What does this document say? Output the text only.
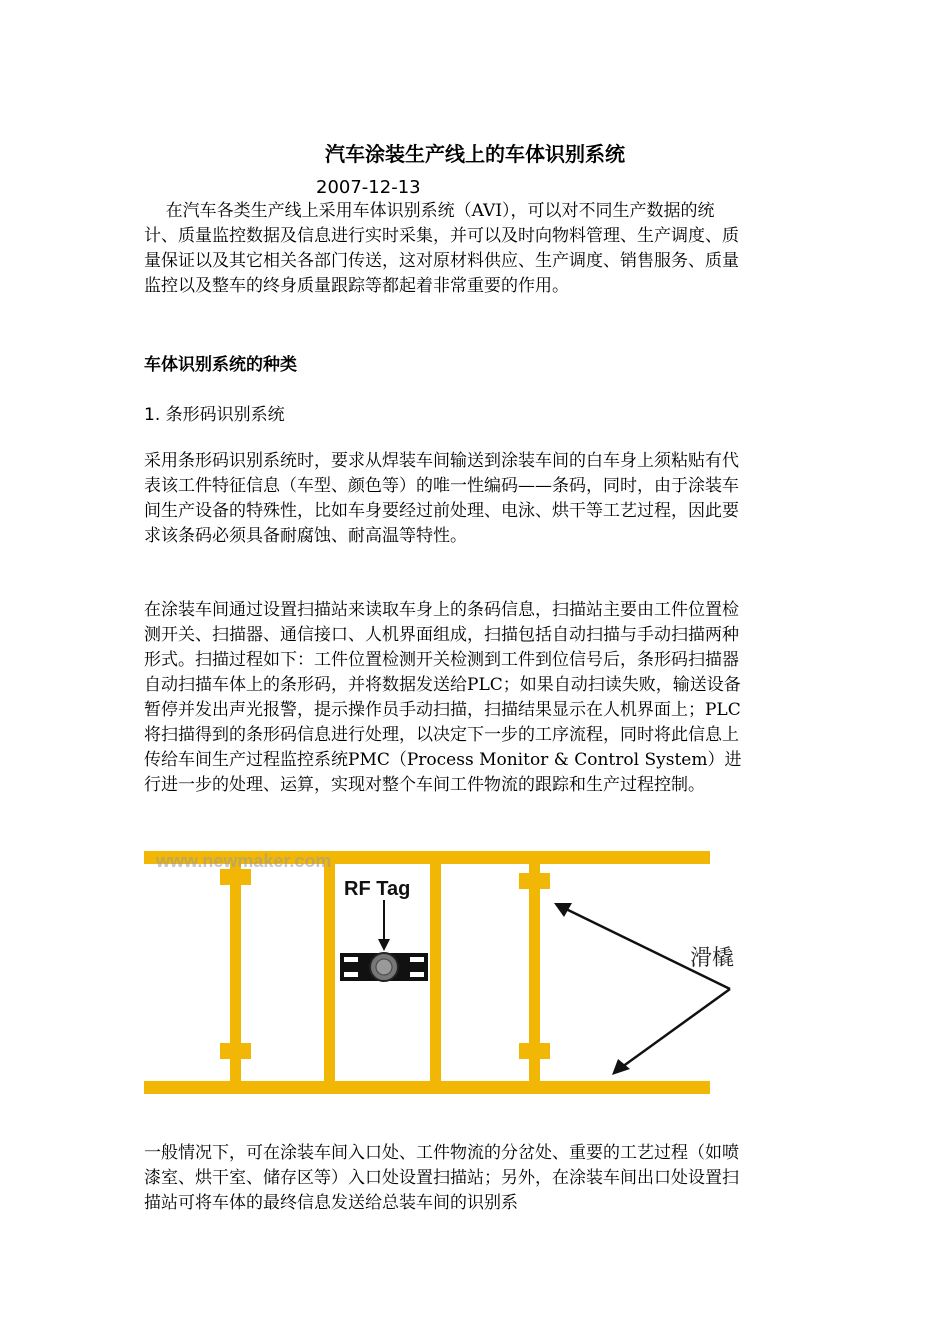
汽车涂装生产线上的车体识别系统
2007-12-13

在汽车各类生产线上采用车体识别系统（AVI），可以对不同生产数据的统计、质量监控数据及信息进行实时采集，并可以及时向物料管理、生产调度、质量保证以及其它相关各部门传送，这对原材料供应、生产调度、销售服务、质量监控以及整车的终身质量跟踪等都起着非常重要的作用。

车体识别系统的种类
1. 条形码识别系统

采用条形码识别系统时，要求从焊装车间输送到涂装车间的白车身上须粘贴有代表该工件特征信息（车型、颜色等）的唯一性编码——条码，同时，由于涂装车间生产设备的特殊性，比如车身要经过前处理、电泳、烘干等工艺过程，因此要求该条码必须具备耐腐蚀、耐高温等特性。

在涂装车间通过设置扫描站来读取车身上的条码信息，扫描站主要由工件位置检测开关、扫描器、通信接口、人机界面组成，扫描包括自动扫描与手动扫描两种形式。扫描过程如下：工件位置检测开关检测到工件到位信号后，条形码扫描器自动扫描车体上的条形码，并将数据发送给PLC；如果自动扫读失败，输送设备暂停并发出声光报警，提示操作员手动扫描，扫描结果显示在人机界面上；PLC将扫描得到的条形码信息进行处理，以决定下一步的工序流程，同时将此信息上传给车间生产过程监控系统PMC（Process Monitor & Control System）进行进一步的处理、运算，实现对整个车间工件物流的跟踪和生产过程控制。

RF Tag
滑橇
www.newmaker.com

一般情况下，可在涂装车间入口处、工件物流的分岔处、重要的工艺过程（如喷漆室、烘干室、储存区等）入口处设置扫描站；另外，在涂装车间出口处设置扫描站可将车体的最终信息发送给总装车间的识别系
